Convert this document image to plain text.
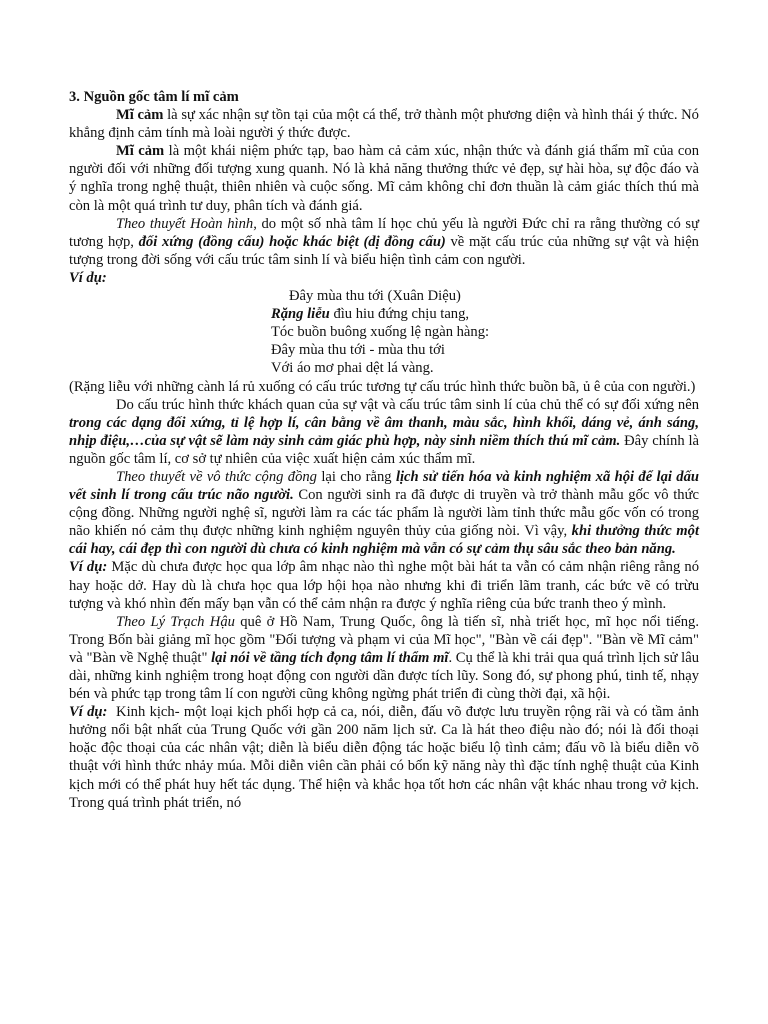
3. Nguồn gốc tâm lí mĩ cảm

Mĩ cảm là sự xác nhận sự tồn tại của một cá thể, trở thành một phương diện và hình thái ý thức. Nó khẳng định cảm tính mà loài người ý thức được.

Mĩ cảm là một khái niệm phức tạp, bao hàm cả cảm xúc, nhận thức và đánh giá thẩm mĩ của con người đối với những đối tượng xung quanh. Nó là khả năng thưởng thức vẻ đẹp, sự hài hòa, sự độc đáo và ý nghĩa trong nghệ thuật, thiên nhiên và cuộc sống. Mĩ cảm không chỉ đơn thuần là cảm giác thích thú mà còn là một quá trình tư duy, phân tích và đánh giá.

Theo thuyết Hoàn hình, do một số nhà tâm lí học chủ yếu là người Đức chỉ ra rằng thường có sự tương hợp, đối xứng (đồng cấu) hoặc khác biệt (dị đồng cấu) về mặt cấu trúc của những sự vật và hiện tượng trong đời sống với cấu trúc tâm sinh lí và biểu hiện tình cảm con người.

Ví dụ:

Đây mùa thu tới (Xuân Diệu)

Rặng liễu đìu hiu đứng chịu tang,

Tóc buồn buông xuống lệ ngàn hàng:

Đây mùa thu tới - mùa thu tới

Với áo mơ phai dệt lá vàng.

(Rặng liễu với những cành lá rủ xuống có cấu trúc tương tự cấu trúc hình thức buồn bã, ủ ê của con người.)

Do cấu trúc hình thức khách quan của sự vật và cấu trúc tâm sinh lí của chủ thể có sự đối xứng nên trong các dạng đối xứng, tỉ lệ hợp lí, cân bằng về âm thanh, màu sắc, hình khối, dáng vẻ, ánh sáng, nhịp điệu,…của sự vật sẽ làm nảy sinh cảm giác phù hợp, này sinh niềm thích thú mĩ cảm. Đây chính là nguồn gốc tâm lí, cơ sở tự nhiên của việc xuất hiện cảm xúc thẩm mĩ.

Theo thuyết về vô thức cộng đồng lại cho rằng lịch sử tiến hóa và kinh nghiệm xã hội để lại dấu vết sinh lí trong cấu trúc não người. Con người sinh ra đã được di truyền và trở thành mẫu gốc vô thức cộng đồng. Những người nghệ sĩ, người làm ra các tác phẩm là người làm tỉnh thức mẫu gốc vốn có trong não khiến nó cảm thụ được những kinh nghiệm nguyên thủy của giống nòi. Vì vậy, khi thưởng thức một cái hay, cái đẹp thì con người dù chưa có kinh nghiệm mà vẫn có sự cảm thụ sâu sắc theo bản năng.

Ví dụ: Mặc dù chưa được học qua lớp âm nhạc nào thì nghe một bài hát ta vẫn có cảm nhận riêng rằng nó hay hoặc dở. Hay dù là chưa học qua lớp hội họa nào nhưng khi đi triển lãm tranh, các bức vẽ có trừu tượng và khó nhìn đến mấy bạn vẫn có thể cảm nhận ra được ý nghĩa riêng của bức tranh theo ý mình.

Theo Lý Trạch Hậu quê ở Hồ Nam, Trung Quốc, ông là tiến sĩ, nhà triết học, mĩ học nổi tiếng. Trong Bốn bài giảng mĩ học gồm "Đối tượng và phạm vi của Mĩ học", "Bàn về cái đẹp". "Bàn về Mĩ cảm" và "Bàn về Nghệ thuật" lại nói về tầng tích đọng tâm lí thẩm mĩ. Cụ thể là khi trải qua quá trình lịch sử lâu dài, những kinh nghiệm trong hoạt động con người dần được tích lũy. Song đó, sự phong phú, tinh tế, nhạy bén và phức tạp trong tâm lí con người cũng không ngừng phát triển đi cùng thời đại, xã hội.

Ví dụ:  Kinh kịch- một loại kịch phối hợp cả ca, nói, diễn, đấu võ được lưu truyền rộng rãi và có tầm ảnh hưởng nổi bật nhất của Trung Quốc với gần 200 năm lịch sử. Ca là hát theo điệu nào đó; nói là đối thoại hoặc độc thoại của các nhân vật; diễn là biểu diễn động tác hoặc biểu lộ tình cảm; đấu võ là biểu diễn võ thuật với hình thức nhảy múa. Mỗi diễn viên cần phải có bốn kỹ năng này thì đặc tính nghệ thuật của Kinh kịch mới có thể phát huy hết tác dụng. Thể hiện và khắc họa tốt hơn các nhân vật khác nhau trong vở kịch. Trong quá trình phát triển, nó
